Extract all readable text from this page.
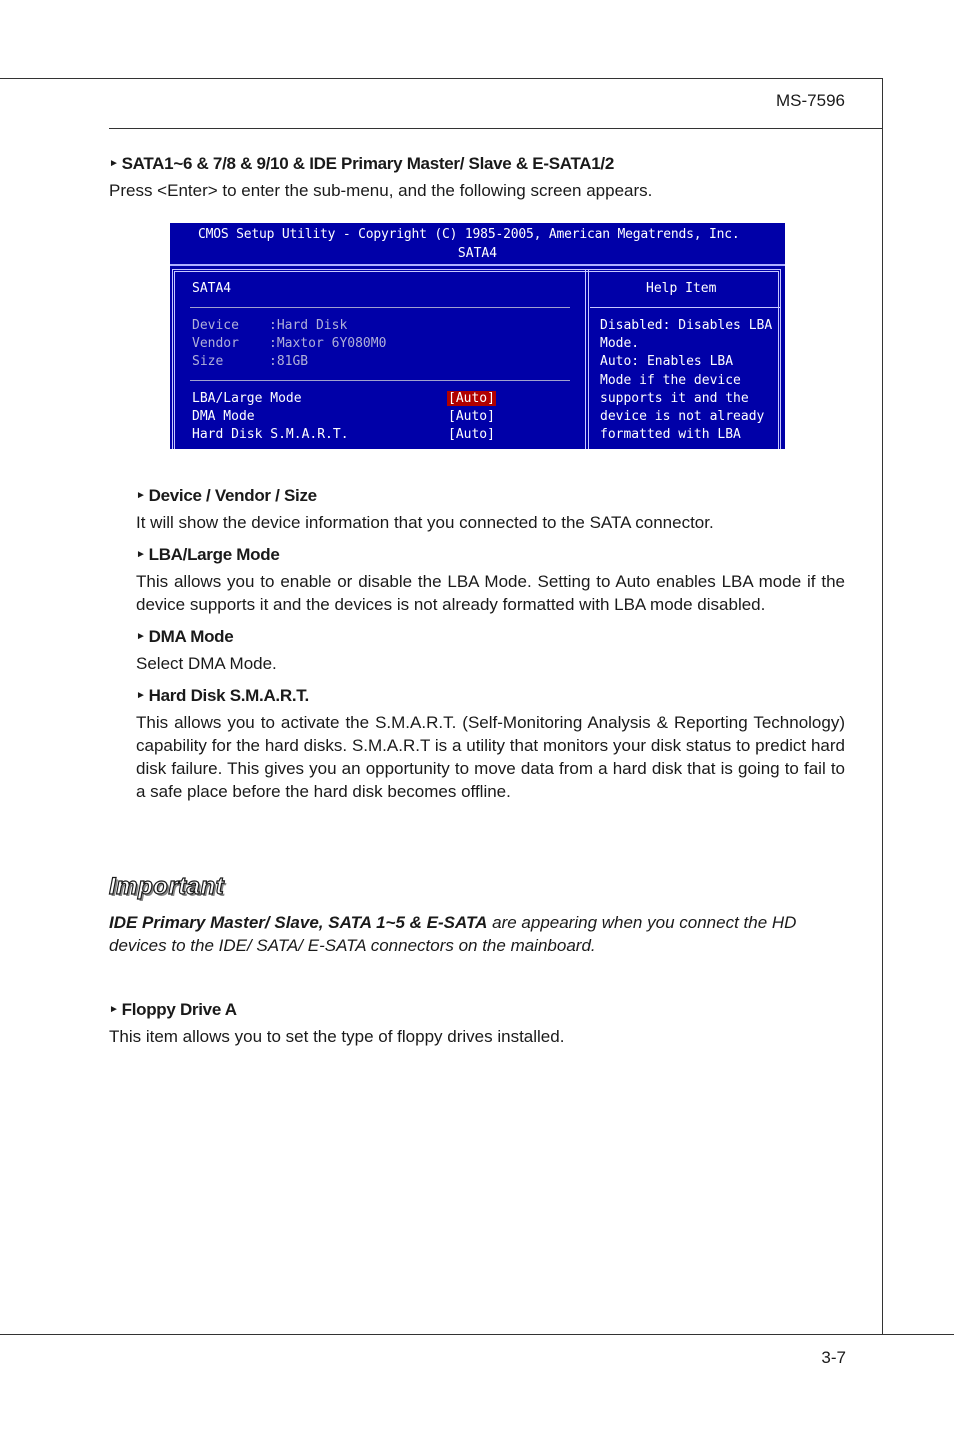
MS-7596
3-7

► SATA1~6 & 7/8 & 9/10 & IDE Primary Master/ Slave & E-SATA1/2

Press <Enter> to enter the sub-menu, and the following screen appears.

CMOS Setup Utility - Copyright (C) 1985-2005, American Megatrends, Inc.
SATA4
SATA4	Help Item
Device :Hard Disk
Vendor :Maxtor 6Y080M0
Size	:81GB
LBA/Large Mode	[Auto]
DMA Mode	[Auto]
Hard Disk S.M.A.R.T.	[Auto]
Disabled: Disables LBA
Mode.
Auto: Enables LBA
Mode if the device
supports it and the
device is not already
formatted with LBA

► Device / Vendor / Size

It will show the device information that you connected to the SATA connector.

► LBA/Large Mode

This allows you to enable or disable the LBA Mode. Setting to Auto enables LBA mode if the device supports it and the devices is not already formatted with LBA mode disabled.

► DMA Mode

Select DMA Mode.

► Hard Disk S.M.A.R.T.

This allows you to activate the S.M.A.R.T. (Self-Monitoring Analysis & Reporting Technology) capability for the hard disks. S.M.A.R.T is a utility that monitors your disk status to predict hard disk failure. This gives you an opportunity to move data from a hard disk that is going to fail to a safe place before the hard disk becomes offline.

Important
IDE Primary Master/ Slave, SATA 1~5 & E-SATA are appearing when you connect the HD devices to the IDE/ SATA/ E-SATA connectors on the mainboard.

► Floppy Drive A

This item allows you to set the type of floppy drives installed.
